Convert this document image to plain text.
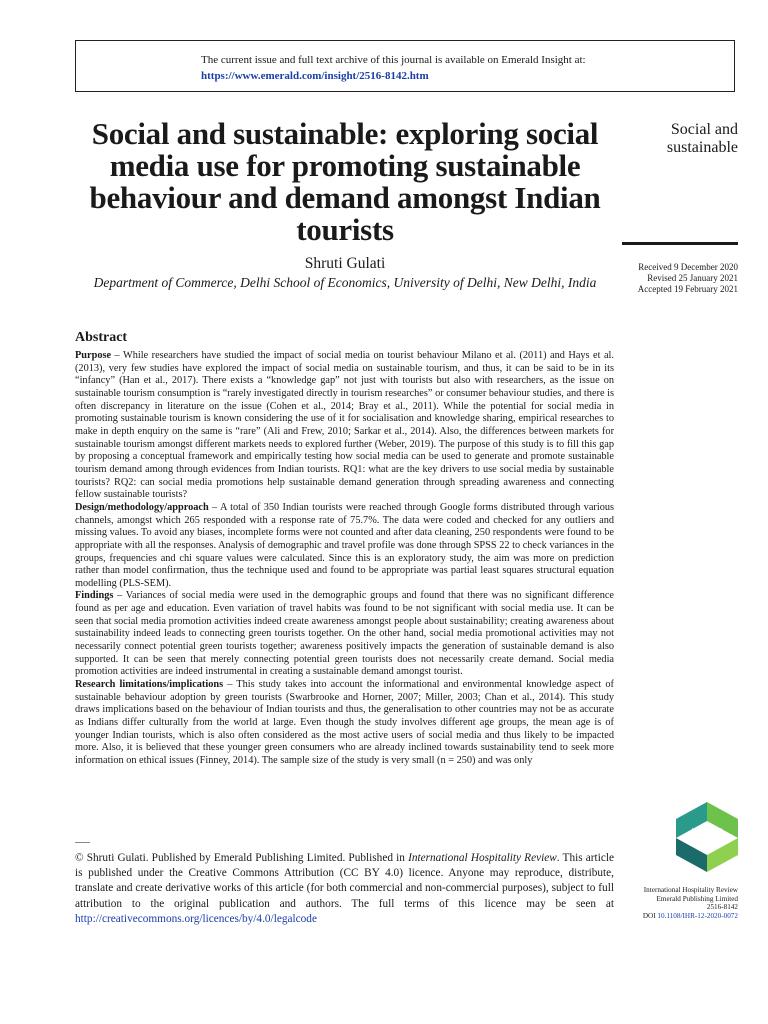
The current issue and full text archive of this journal is available on Emerald Insight at:
https://www.emerald.com/insight/2516-8142.htm
Social and sustainable: exploring social media use for promoting sustainable behaviour and demand amongst Indian tourists
Social and sustainable
Received 9 December 2020
Revised 25 January 2021
Accepted 19 February 2021
Shruti Gulati
Department of Commerce, Delhi School of Economics, University of Delhi, New Delhi, India
Abstract

Purpose – While researchers have studied the impact of social media on tourist behaviour Milano et al. (2011) and Hays et al. (2013), very few studies have explored the impact of social media on sustainable tourism, and thus, it can be said to be in its “infancy” (Han et al., 2017). There exists a “knowledge gap” not just with tourists but also with researchers, as the issue on sustainable tourism consumption is “rarely investigated directly in tourism researches” or consumer behaviour studies, and there is often discrepancy in literature on the issue (Cohen et al., 2014; Bray et al., 2011). While the potential for social media in promoting sustainable tourism is known considering the use of it for socialisation and knowledge sharing, empirical researches to make in depth enquiry on the same is “rare” (Ali and Frew, 2010; Sarkar et al., 2014). Also, the differences between markets for sustainable tourism amongst different markets needs to explored further (Weber, 2019). The purpose of this study is to fill this gap by proposing a conceptual framework and empirically testing how social media can be used to generate and promote sustainable tourism demand among through evidences from Indian tourists. RQ1: what are the key drivers to use social media by sustainable tourists? RQ2: can social media promotions help sustainable demand generation through spreading awareness and connecting fellow sustainable tourists?

Design/methodology/approach – A total of 350 Indian tourists were reached through Google forms distributed through various channels, amongst which 265 responded with a response rate of 75.7%. The data were coded and checked for any outliers and missing values. To avoid any biases, incomplete forms were not counted and after data cleaning, 250 respondents were found to be appropriate with all the responses. Analysis of demographic and travel profile was done through SPSS 22 to check variances in the groups, frequencies and chi square values were calculated. Since this is an exploratory study, the aim was more on prediction rather than model confirmation, thus the technique used and found to be appropriate was partial least squares structural equation modelling (PLS-SEM).

Findings – Variances of social media were used in the demographic groups and found that there was no significant difference found as per age and education. Even variation of travel habits was found to be not significant with social media use. It can be seen that social media promotion activities indeed create awareness amongst people about sustainability; creating awareness about sustainability indeed leads to connecting green tourists together. On the other hand, social media promotional activities may not necessarily connect potential green tourists together; awareness positively impacts the generation of sustainable demand is also supported. It can be seen that merely connecting potential green tourists does not necessarily create demand. Social media promotion activities are indeed instrumental in creating a sustainable demand amongst tourist.

Research limitations/implications – This study takes into account the informational and environmental knowledge aspect of sustainable behaviour adoption by green tourists (Swarbrooke and Horner, 2007; Miller, 2003; Chan et al., 2014). This study draws implications based on the behaviour of Indian tourists and thus, the generalisation to other countries may not be as accurate as Indians differ culturally from the world at large. Even though the study involves different age groups, the mean age is of younger Indian tourists, which is also often considered as the most active users of social media and thus likely to be impacted more. Also, it is believed that these younger green consumers who are already inclined towards sustainability tend to seek more information on ethical issues (Finney, 2014). The sample size of the study is very small (n = 250) and was only

© Shruti Gulati. Published by Emerald Publishing Limited. Published in International Hospitality Review. This article is published under the Creative Commons Attribution (CC BY 4.0) licence. Anyone may reproduce, distribute, translate and create derivative works of this article (for both commercial and non-commercial purposes), subject to full attribution to the original publication and authors. The full terms of this licence may be seen at http://creativecommons.org/licences/by/4.0/legalcode
International Hospitality Review
Emerald Publishing Limited
2516-8142
DOI 10.1108/IHR-12-2020-0072
